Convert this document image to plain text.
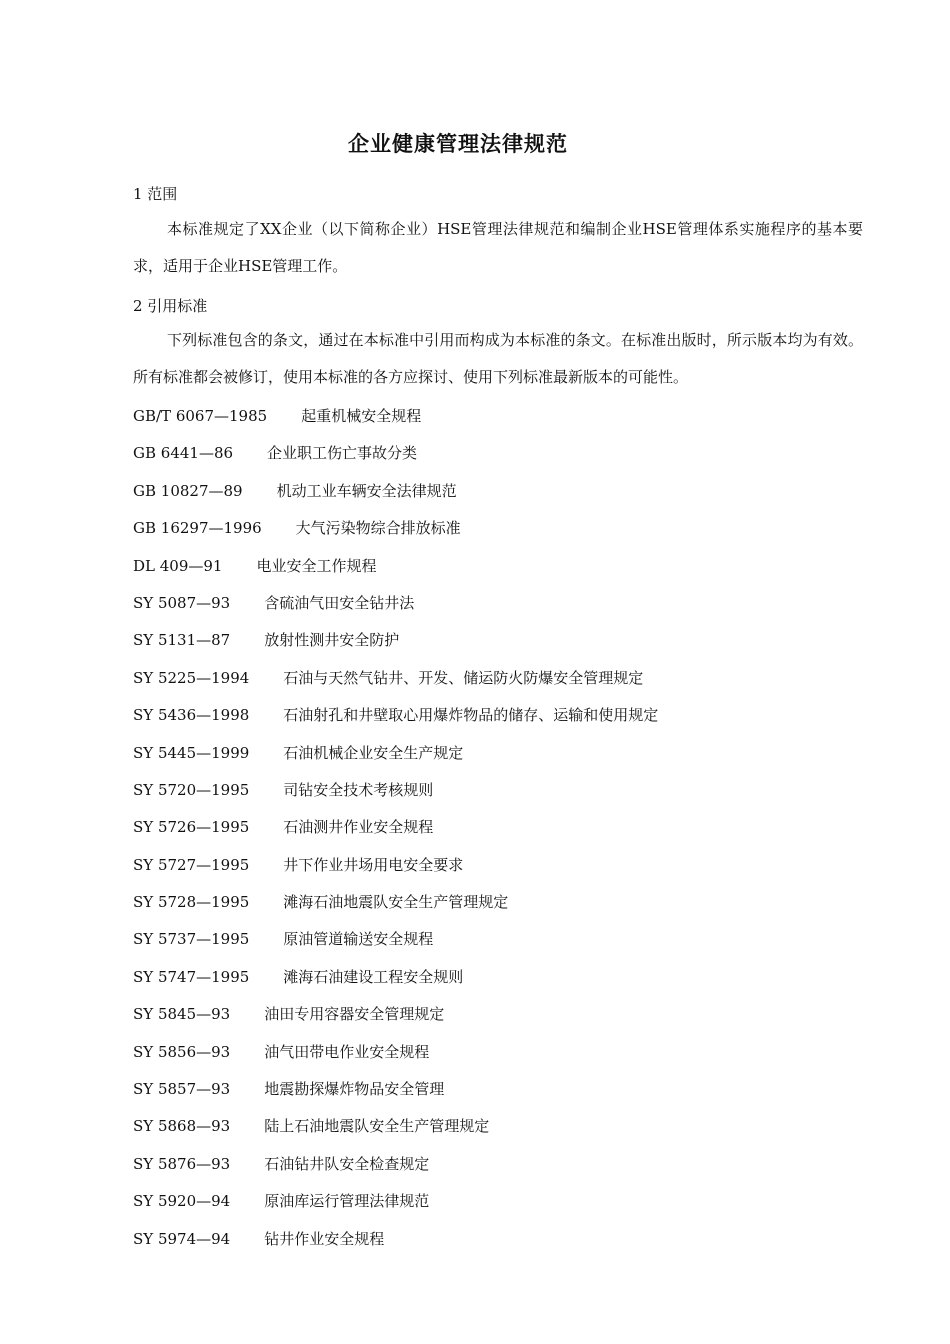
企业健康管理法律规范
1 范围
本标准规定了XX企业（以下简称企业）HSE管理法律规范和编制企业HSE管理体系实施程序的基本要求，适用于企业HSE管理工作。
2 引用标准
下列标准包含的条文，通过在本标准中引用而构成为本标准的条文。在标准出版时，所示版本均为有效。所有标准都会被修订，使用本标准的各方应探讨、使用下列标准最新版本的可能性。
GB/T 6067—1985 起重机械安全规程
GB 6441—86 企业职工伤亡事故分类
GB 10827—89 机动工业车辆安全法律规范
GB 16297—1996 大气污染物综合排放标准
DL 409—91 电业安全工作规程
SY 5087—93 含硫油气田安全钻井法
SY 5131—87 放射性测井安全防护
SY 5225—1994 石油与天然气钻井、开发、储运防火防爆安全管理规定
SY 5436—1998 石油射孔和井壁取心用爆炸物品的储存、运输和使用规定
SY 5445—1999 石油机械企业安全生产规定
SY 5720—1995 司钻安全技术考核规则
SY 5726—1995 石油测井作业安全规程
SY 5727—1995 井下作业井场用电安全要求
SY 5728—1995 滩海石油地震队安全生产管理规定
SY 5737—1995 原油管道输送安全规程
SY 5747—1995 滩海石油建设工程安全规则
SY 5845—93 油田专用容器安全管理规定
SY 5856—93 油气田带电作业安全规程
SY 5857—93 地震勘探爆炸物品安全管理
SY 5868—93 陆上石油地震队安全生产管理规定
SY 5876—93 石油钻井队安全检查规定
SY 5920—94 原油库运行管理法律规范
SY 5974—94 钻井作业安全规程
